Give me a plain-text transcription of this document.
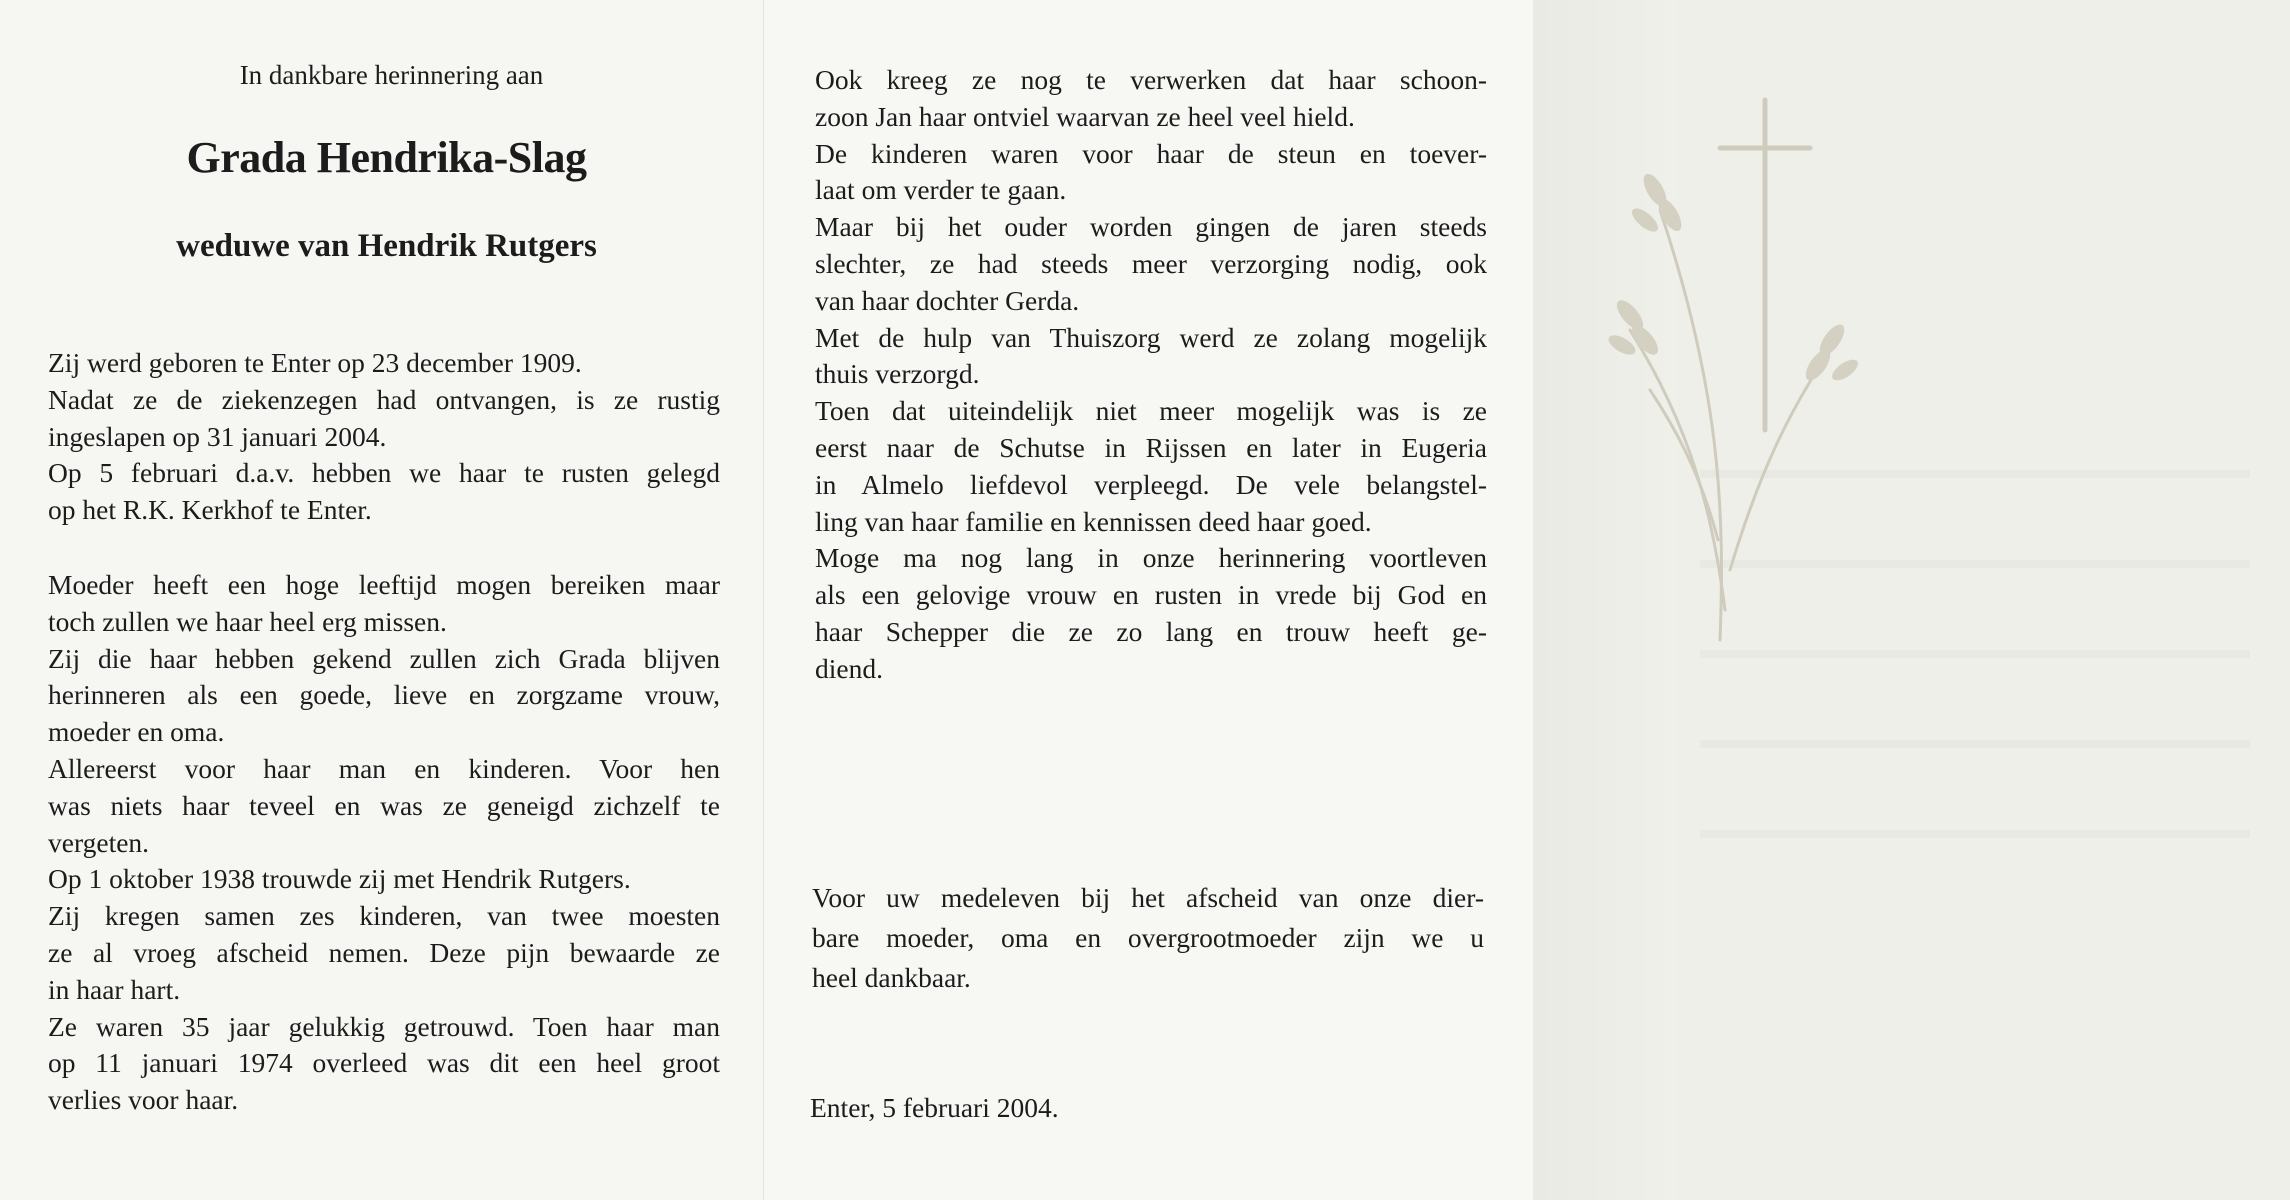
In dankbare herinnering aan
Grada Hendrika-Slag
weduwe van Hendrik Rutgers
Zij werd geboren te Enter op 23 december 1909.
Nadat ze de ziekenzegen had ontvangen, is ze rustig
ingeslapen op 31 januari 2004.
Op 5 februari d.a.v. hebben we haar te rusten gelegd
op het R.K. Kerkhof te Enter.
Moeder heeft een hoge leeftijd mogen bereiken maar
toch zullen we haar heel erg missen.
Zij die haar hebben gekend zullen zich Grada blijven
herinneren als een goede, lieve en zorgzame vrouw,
moeder en oma.
Allereerst voor haar man en kinderen. Voor hen
was niets haar teveel en was ze geneigd zichzelf te
vergeten.
Op 1 oktober 1938 trouwde zij met Hendrik Rutgers.
Zij kregen samen zes kinderen, van twee moesten
ze al vroeg afscheid nemen. Deze pijn bewaarde ze
in haar hart.
Ze waren 35 jaar gelukkig getrouwd. Toen haar man
op 11 januari 1974 overleed was dit een heel groot
verlies voor haar.
Ook kreeg ze nog te verwerken dat haar schoon-
zoon Jan haar ontviel waarvan ze heel veel hield.
De kinderen waren voor haar de steun en toever-
laat om verder te gaan.
Maar bij het ouder worden gingen de jaren steeds
slechter, ze had steeds meer verzorging nodig, ook
van haar dochter Gerda.
Met de hulp van Thuiszorg werd ze zolang mogelijk
thuis verzorgd.
Toen dat uiteindelijk niet meer mogelijk was is ze
eerst naar de Schutse in Rijssen en later in Eugeria
in Almelo liefdevol verpleegd. De vele belangstel-
ling van haar familie en kennissen deed haar goed.
Moge ma nog lang in onze herinnering voortleven
als een gelovige vrouw en rusten in vrede bij God en
haar Schepper die ze zo lang en trouw heeft ge-
diend.
Voor uw medeleven bij het afscheid van onze dier-
bare moeder, oma en overgrootmoeder zijn we u
heel dankbaar.
Enter, 5 februari 2004.
